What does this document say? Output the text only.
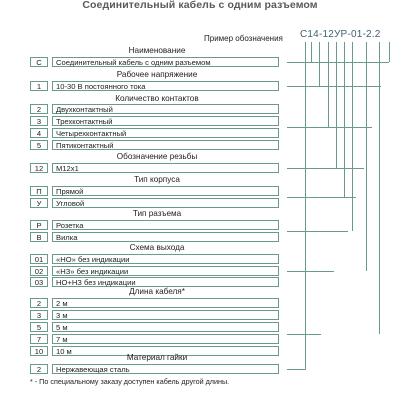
Соединительный кабель с одним разъемом
Пример обозначения С14-12УР-01-2.2
Наименование
С	Соединительный кабель с одним разъемом
Рабочее напряжение
1	10-30 В постоянного тока
Количество контактов
2	Двухконтактный
3	Трехконтактный
4	Четырехконтактный
5	Пятиконтактный
Обозначение резьбы
12	М12х1
Тип корпуса
П	Прямой
У	Угловой
Тип разъема
Р	Розетка
В	Вилка
Схема выхода
01	«НО» без индикации
02	«НЗ» без индикации
03	НО+НЗ без индикации
Длина кабеля*
2	2 м
3	3 м
5	5 м
7	7 м
10	10 м
Материал гайки
2	Нержавеющая сталь
* - По специальному заказу доступен кабель другой длины.
